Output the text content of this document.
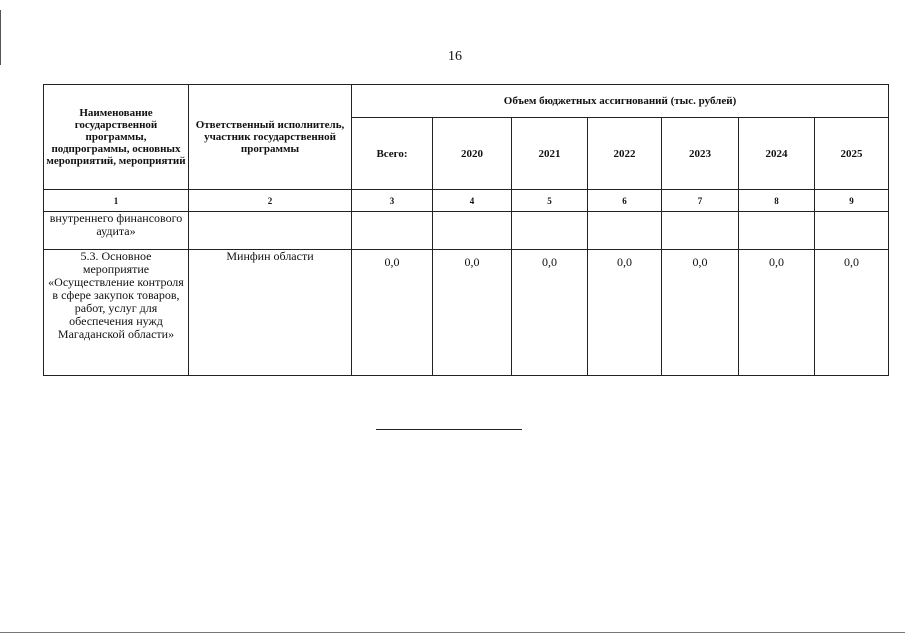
16
Наименование государственной программы, подпрограммы, основных мероприятий, мероприятий	Ответственный исполнитель, участник государственной программы	Объем бюджетных ассигнований (тыс. рублей)						
		Всего:	2020	2021	2022	2023	2024	2025
1	2	3	4	5	6	7	8	9
внутреннего финансового аудита»								
5.3. Основное мероприятие «Осуществление контроля в сфере закупок товаров, работ, услуг для обеспечения нужд Магаданской области»	Минфин области	0,0	0,0	0,0	0,0	0,0	0,0	0,0
